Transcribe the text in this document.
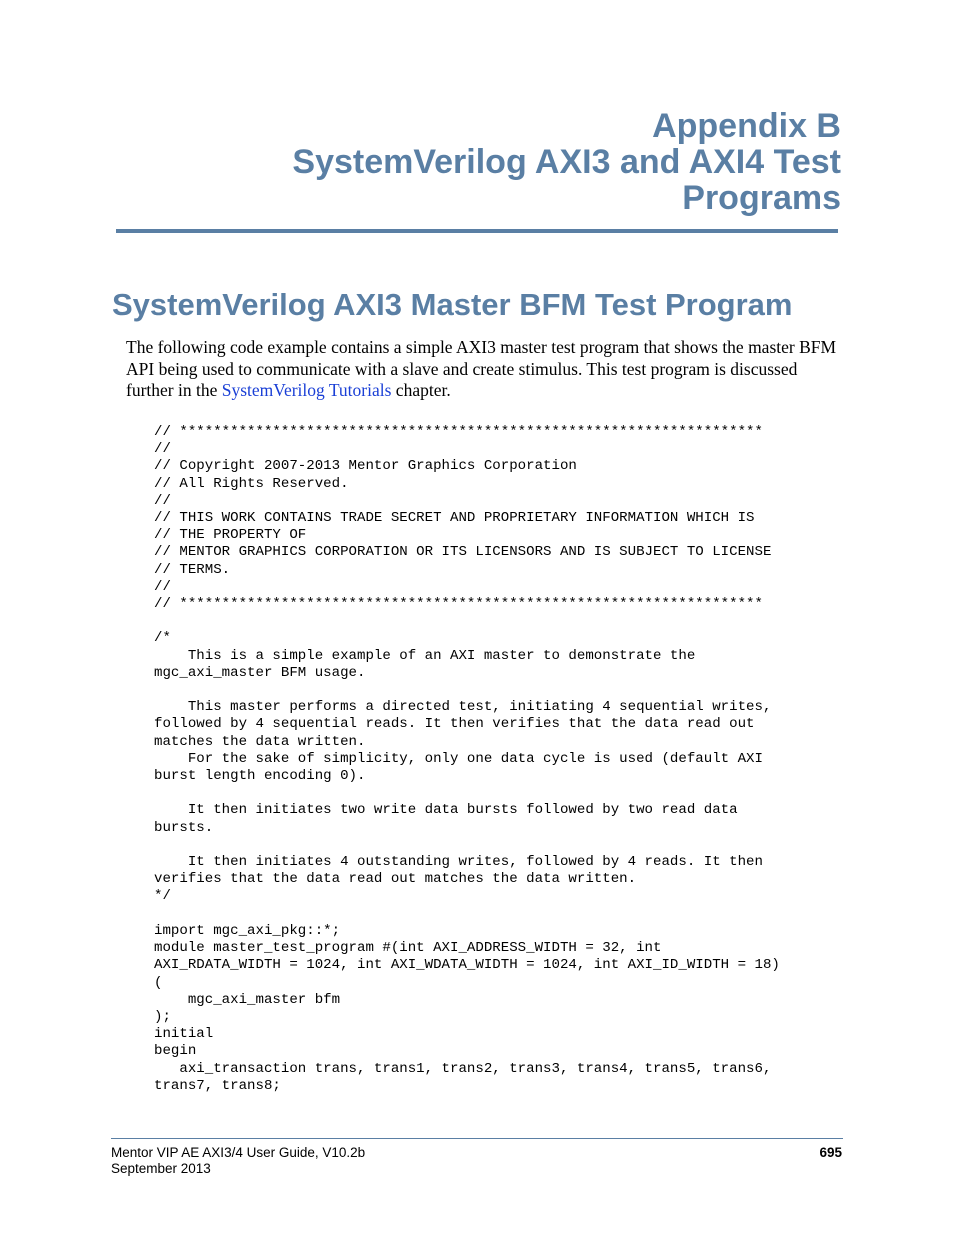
Appendix B
SystemVerilog AXI3 and AXI4 Test
Programs
SystemVerilog AXI3 Master BFM Test Program

The following code example contains a simple AXI3 master test program that shows the master BFM API being used to communicate with a slave and create stimulus. This test program is discussed further in the SystemVerilog Tutorials chapter.

// *********************************************************************
//
// Copyright 2007-2013 Mentor Graphics Corporation
// All Rights Reserved.
//
// THIS WORK CONTAINS TRADE SECRET AND PROPRIETARY INFORMATION WHICH IS
// THE PROPERTY OF
// MENTOR GRAPHICS CORPORATION OR ITS LICENSORS AND IS SUBJECT TO LICENSE
// TERMS.
//
// *********************************************************************

/*
This is a simple example of an AXI master to demonstrate the
mgc_axi_master BFM usage.

This master performs a directed test, initiating 4 sequential writes,
followed by 4 sequential reads. It then verifies that the data read out
matches the data written.
For the sake of simplicity, only one data cycle is used (default AXI
burst length encoding 0).

It then initiates two write data bursts followed by two read data
bursts.

It then initiates 4 outstanding writes, followed by 4 reads. It then
verifies that the data read out matches the data written.
*/

import mgc_axi_pkg::*;
module master_test_program #(int AXI_ADDRESS_WIDTH = 32, int
AXI_RDATA_WIDTH = 1024, int AXI_WDATA_WIDTH = 1024, int AXI_ID_WIDTH = 18)
(
mgc_axi_master bfm
);
initial
begin
axi_transaction trans, trans1, trans2, trans3, trans4, trans5, trans6,
trans7, trans8;
Mentor VIP AE AXI3/4 User Guide, V10.2b
September 2013
695
